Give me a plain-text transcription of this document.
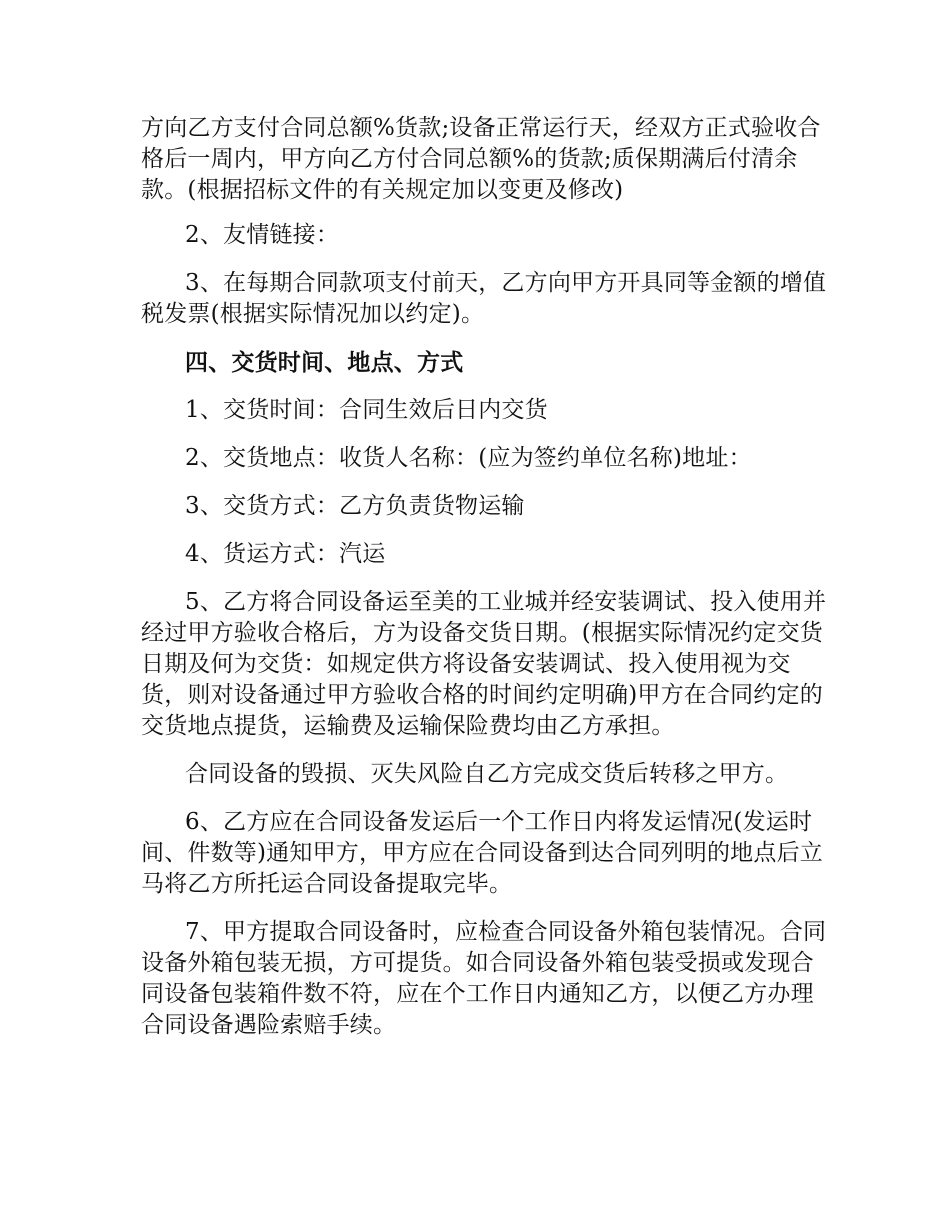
方向乙方支付合同总额%货款;设备正常运行天，经双方正式验收合格后一周内，甲方向乙方付合同总额%的货款;质保期满后付清余款。(根据招标文件的有关规定加以变更及修改)

2、友情链接：

3、在每期合同款项支付前天，乙方向甲方开具同等金额的增值税发票(根据实际情况加以约定)。

四、交货时间、地点、方式

1、交货时间：合同生效后日内交货

2、交货地点：收货人名称：(应为签约单位名称)地址：

3、交货方式：乙方负责货物运输

4、货运方式：汽运

5、乙方将合同设备运至美的工业城并经安装调试、投入使用并经过甲方验收合格后，方为设备交货日期。(根据实际情况约定交货日期及何为交货：如规定供方将设备安装调试、投入使用视为交货，则对设备通过甲方验收合格的时间约定明确)甲方在合同约定的交货地点提货，运输费及运输保险费均由乙方承担。

合同设备的毁损、灭失风险自乙方完成交货后转移之甲方。

6、乙方应在合同设备发运后一个工作日内将发运情况(发运时间、件数等)通知甲方，甲方应在合同设备到达合同列明的地点后立马将乙方所托运合同设备提取完毕。

7、甲方提取合同设备时，应检查合同设备外箱包装情况。合同设备外箱包装无损，方可提货。如合同设备外箱包装受损或发现合同设备包装箱件数不符，应在个工作日内通知乙方，以便乙方办理合同设备遇险索赔手续。
